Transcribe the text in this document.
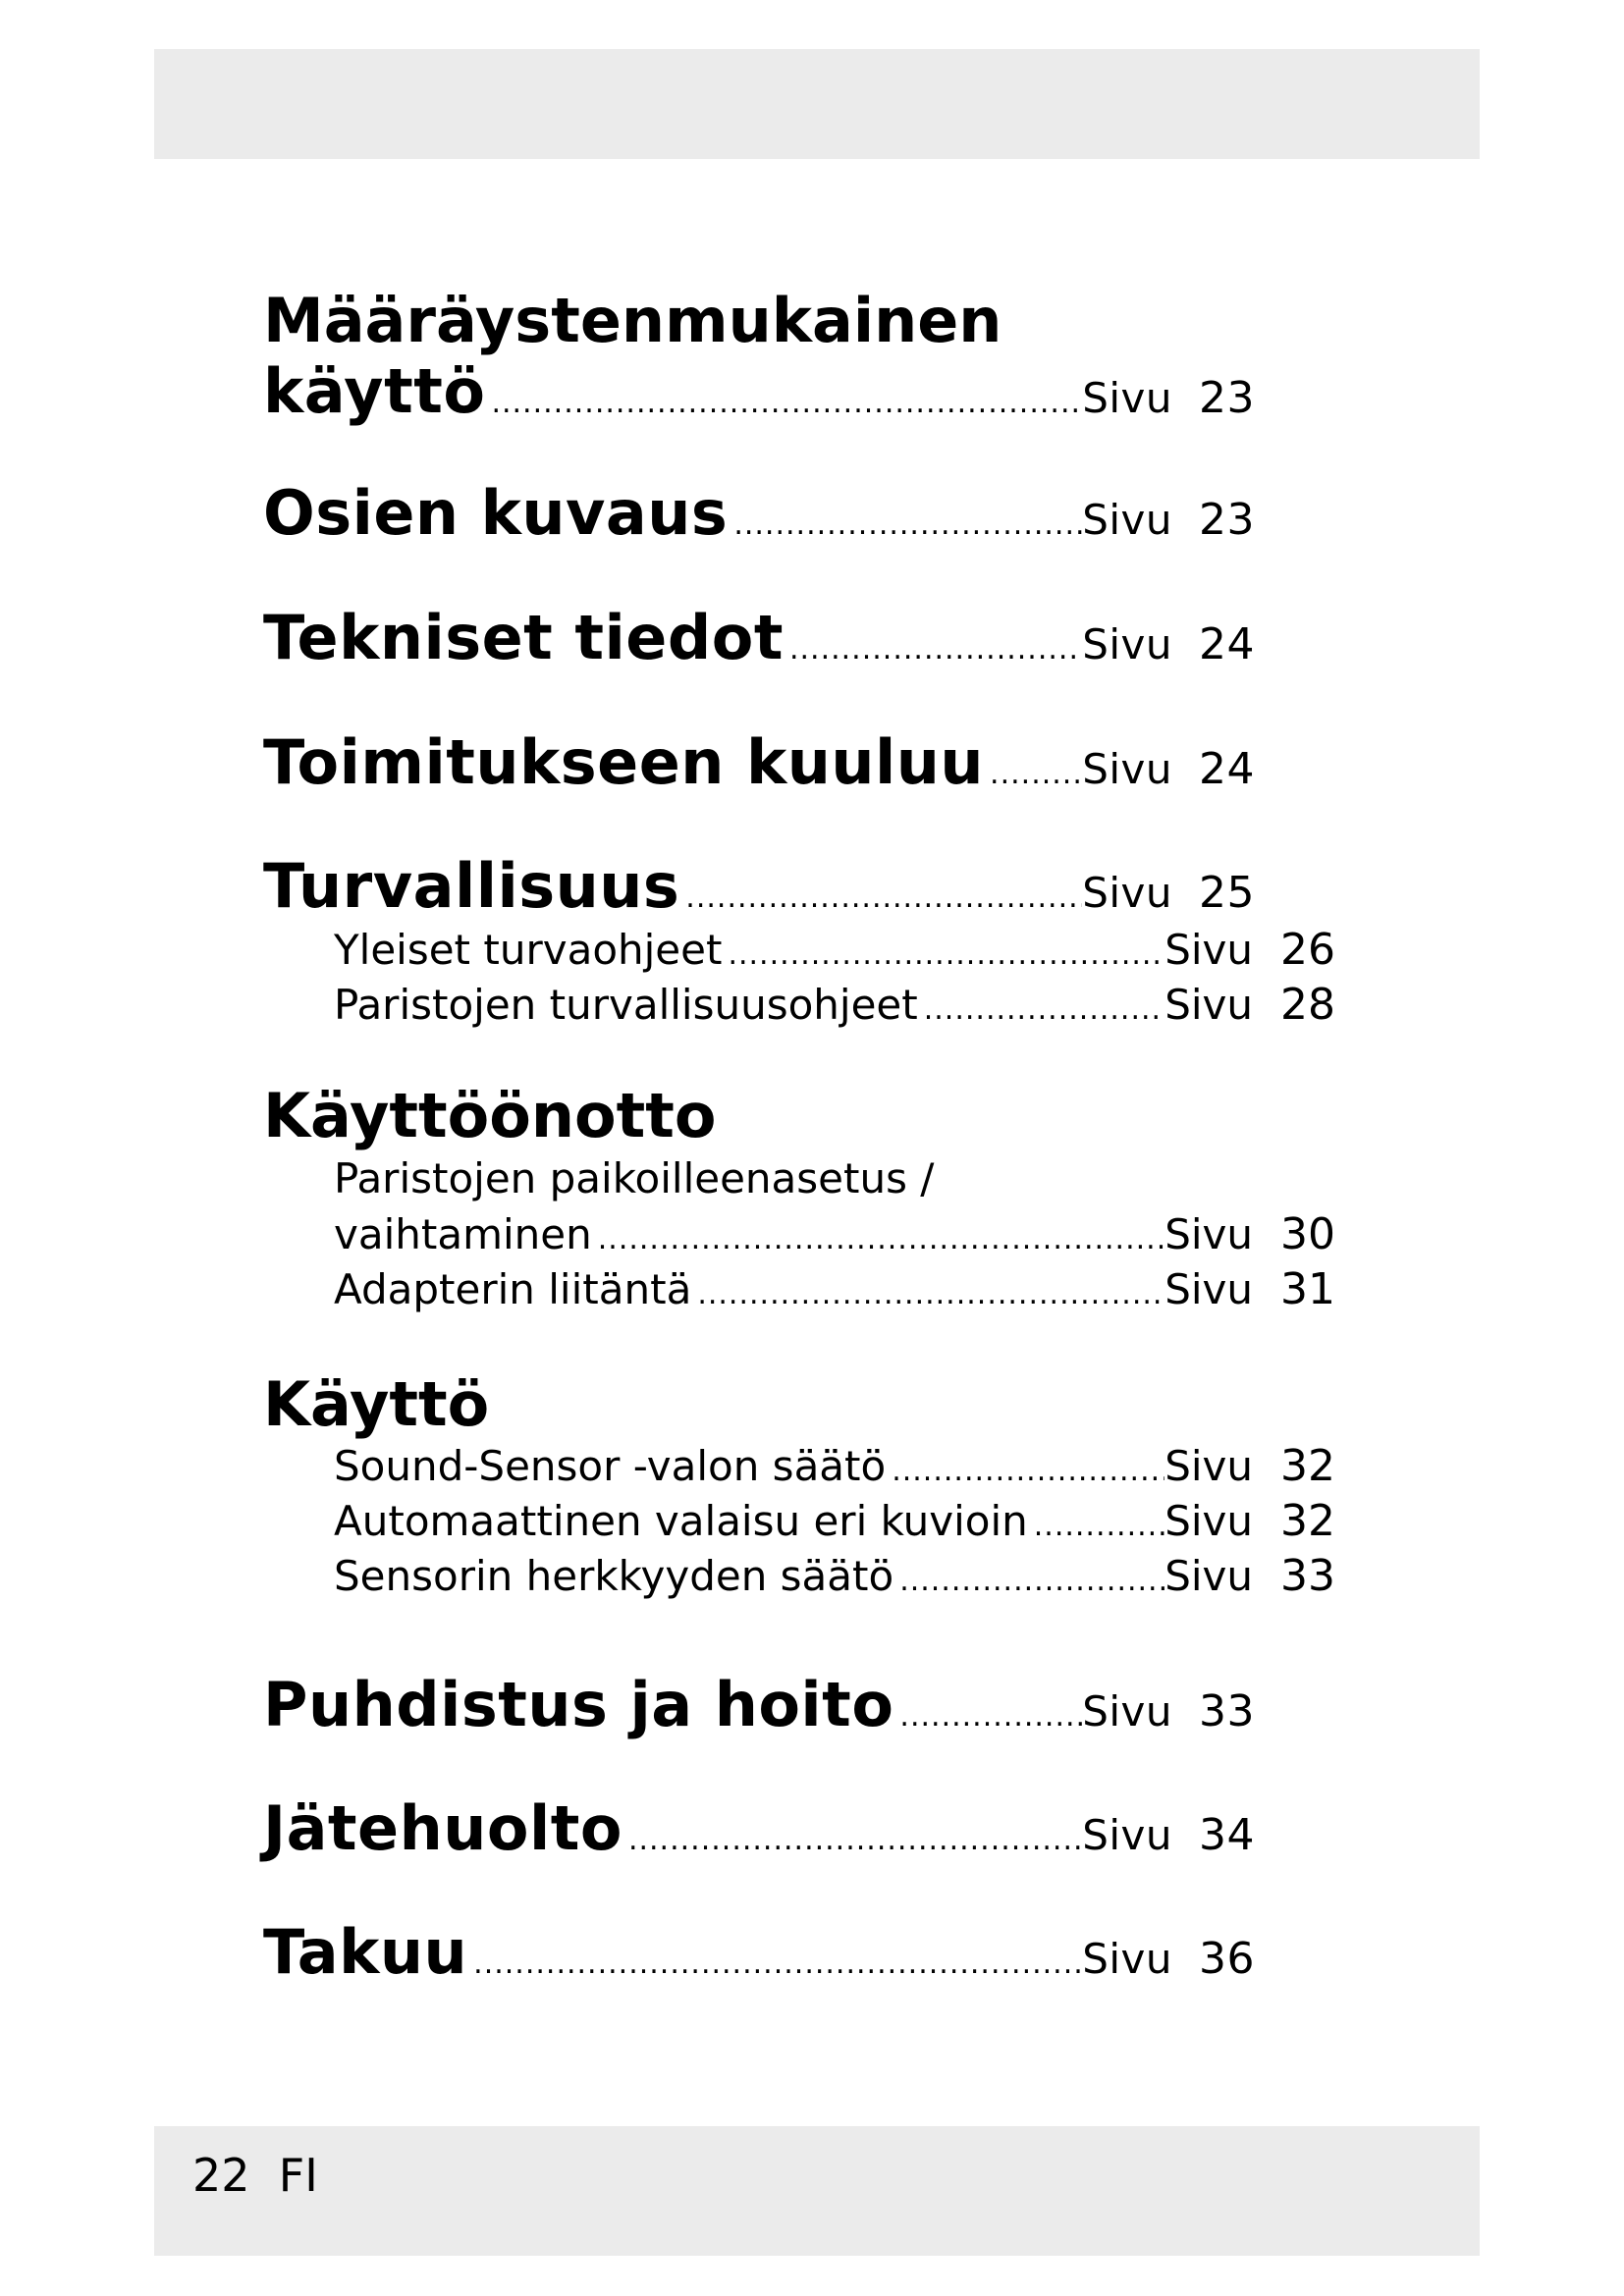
Määräystenmukainen
käyttö .....	Sivu 23
Osien kuvaus .....	Sivu 23
Tekniset tiedot .....	Sivu 24
Toimitukseen kuuluu ..... Sivu 24
Turvallisuus .....	Sivu 25
Yleiset turvaohjeet .....	Sivu 26
Paristojen turvallisuusohjeet .....	Sivu 28
Käyttöönotto
Paristojen paikoilleenasetus /
vaihtaminen .....	Sivu 30
Adapterin liitäntä .....	Sivu 31
Käyttö
Sound-Sensor -valon säätö .....	Sivu 32
Automaattinen valaisu eri kuvioin .....	Sivu 32
Sensorin herkkyyden säätö .....	Sivu 33
Puhdistus ja hoito .....	Sivu 33
Jätehuolto .....	Sivu 34
Takuu .....	Sivu 36
22 FI
